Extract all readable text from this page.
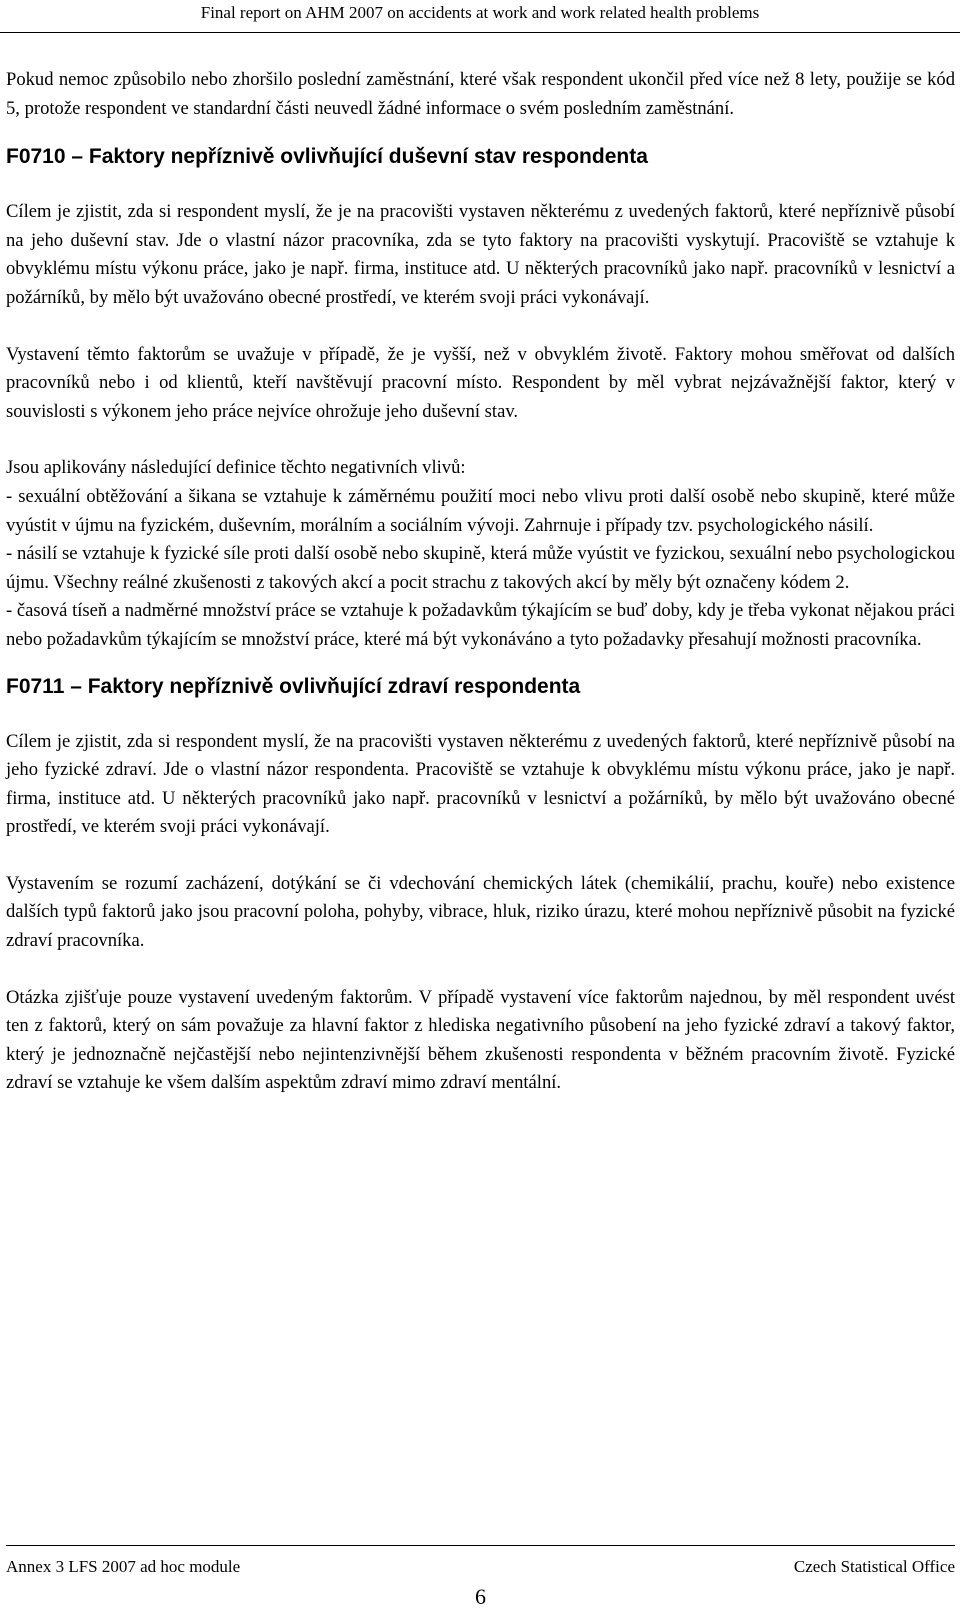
Final report on AHM 2007 on accidents at work and work related health problems

Pokud nemoc způsobilo nebo zhoršilo poslední zaměstnání, které však respondent ukončil před více než 8 lety, použije se kód 5, protože respondent ve standardní části neuvedl žádné informace o svém posledním zaměstnání.

F0710 – Faktory nepříznivě ovlivňující duševní stav respondenta

Cílem je zjistit, zda si respondent myslí, že je na pracovišti vystaven některému z uvedených faktorů, které nepříznivě působí na jeho duševní stav. Jde o vlastní názor pracovníka, zda se tyto faktory na pracovišti vyskytují. Pracoviště se vztahuje k obvyklému místu výkonu práce, jako je např. firma, instituce atd. U některých pracovníků jako např. pracovníků v lesnictví a požárníků, by mělo být uvažováno obecné prostředí, ve kterém svoji práci vykonávají.

Vystavení těmto faktorům se uvažuje v případě, že je vyšší, než v obvyklém životě. Faktory mohou směřovat od dalších pracovníků nebo i od klientů, kteří navštěvují pracovní místo. Respondent by měl vybrat nejzávažnější faktor, který v souvislosti s výkonem jeho práce nejvíce ohrožuje jeho duševní stav.

Jsou aplikovány následující definice těchto negativních vlivů:

- sexuální obtěžování a šikana se vztahuje k záměrnému použití moci nebo vlivu proti další osobě nebo skupině, které může vyústit v újmu na fyzickém, duševním, morálním a sociálním vývoji. Zahrnuje i případy tzv. psychologického násilí.

- násilí se vztahuje k fyzické síle proti další osobě nebo skupině, která může vyústit ve fyzickou, sexuální nebo psychologickou újmu. Všechny reálné zkušenosti z takových akcí a pocit strachu z takových akcí by měly být označeny kódem 2.

- časová tíseň a nadměrné množství práce se vztahuje k požadavkům týkajícím se buď doby, kdy je třeba vykonat nějakou práci nebo požadavkům týkajícím se množství práce, které má být vykonáváno a tyto požadavky přesahují možnosti pracovníka.

F0711 – Faktory nepříznivě ovlivňující zdraví respondenta

Cílem je zjistit, zda si respondent myslí, že na pracovišti vystaven některému z uvedených faktorů, které nepříznivě působí na jeho fyzické zdraví. Jde o vlastní názor respondenta. Pracoviště se vztahuje k obvyklému místu výkonu práce, jako je např. firma, instituce atd. U některých pracovníků jako např. pracovníků v lesnictví a požárníků, by mělo být uvažováno obecné prostředí, ve kterém svoji práci vykonávají.

Vystavením se rozumí zacházení, dotýkání se či vdechování chemických látek (chemikálií, prachu, kouře) nebo existence dalších typů faktorů jako jsou pracovní poloha, pohyby, vibrace, hluk, riziko úrazu, které mohou nepříznivě působit na fyzické zdraví pracovníka.

Otázka zjišťuje pouze vystavení uvedeným faktorům. V případě vystavení více faktorům najednou, by měl respondent uvést ten z faktorů, který on sám považuje za hlavní faktor z hlediska negativního působení na jeho fyzické zdraví a takový faktor, který je jednoznačně nejčastější nebo nejintenzivnější během zkušenosti respondenta v běžném pracovním životě. Fyzické zdraví se vztahuje ke všem dalším aspektům zdraví mimo zdraví mentální.

Annex 3 LFS 2007 ad hoc module	Czech Statistical Office
6
